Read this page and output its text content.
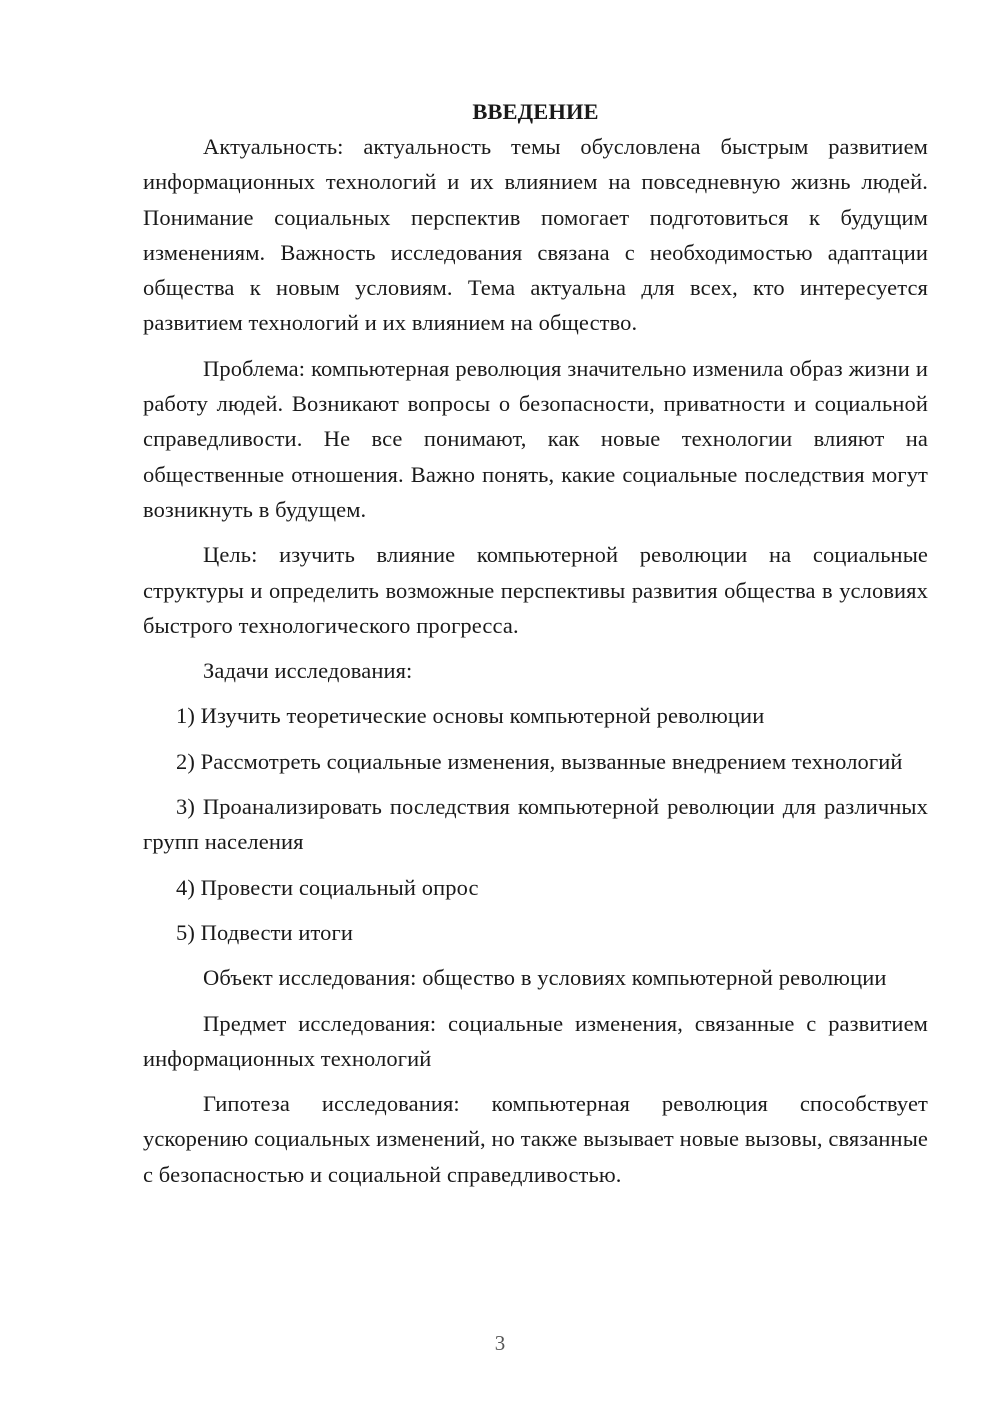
ВВЕДЕНИЕ

Актуальность: актуальность темы обусловлена быстрым развитием информационных технологий и их влиянием на повседневную жизнь людей. Понимание социальных перспектив помогает подготовиться к будущим изменениям. Важность исследования связана с необходимостью адаптации общества к новым условиям. Тема актуальна для всех, кто интересуется развитием технологий и их влиянием на общество.

Проблема: компьютерная революция значительно изменила образ жизни и работу людей. Возникают вопросы о безопасности, приватности и социальной справедливости. Не все понимают, как новые технологии влияют на общественные отношения. Важно понять, какие социальные последствия могут возникнуть в будущем.

Цель: изучить влияние компьютерной революции на социальные структуры и определить возможные перспективы развития общества в условиях быстрого технологического прогресса.

Задачи исследования:

1) Изучить теоретические основы компьютерной революции

2) Рассмотреть социальные изменения, вызванные внедрением технологий

3) Проанализировать последствия компьютерной революции для различных групп населения

4) Провести социальный опрос

5) Подвести итоги

Объект исследования: общество в условиях компьютерной революции

Предмет исследования: социальные изменения, связанные с развитием информационных технологий

Гипотеза исследования: компьютерная революция способствует ускорению социальных изменений, но также вызывает новые вызовы, связанные с безопасностью и социальной справедливостью.

3
